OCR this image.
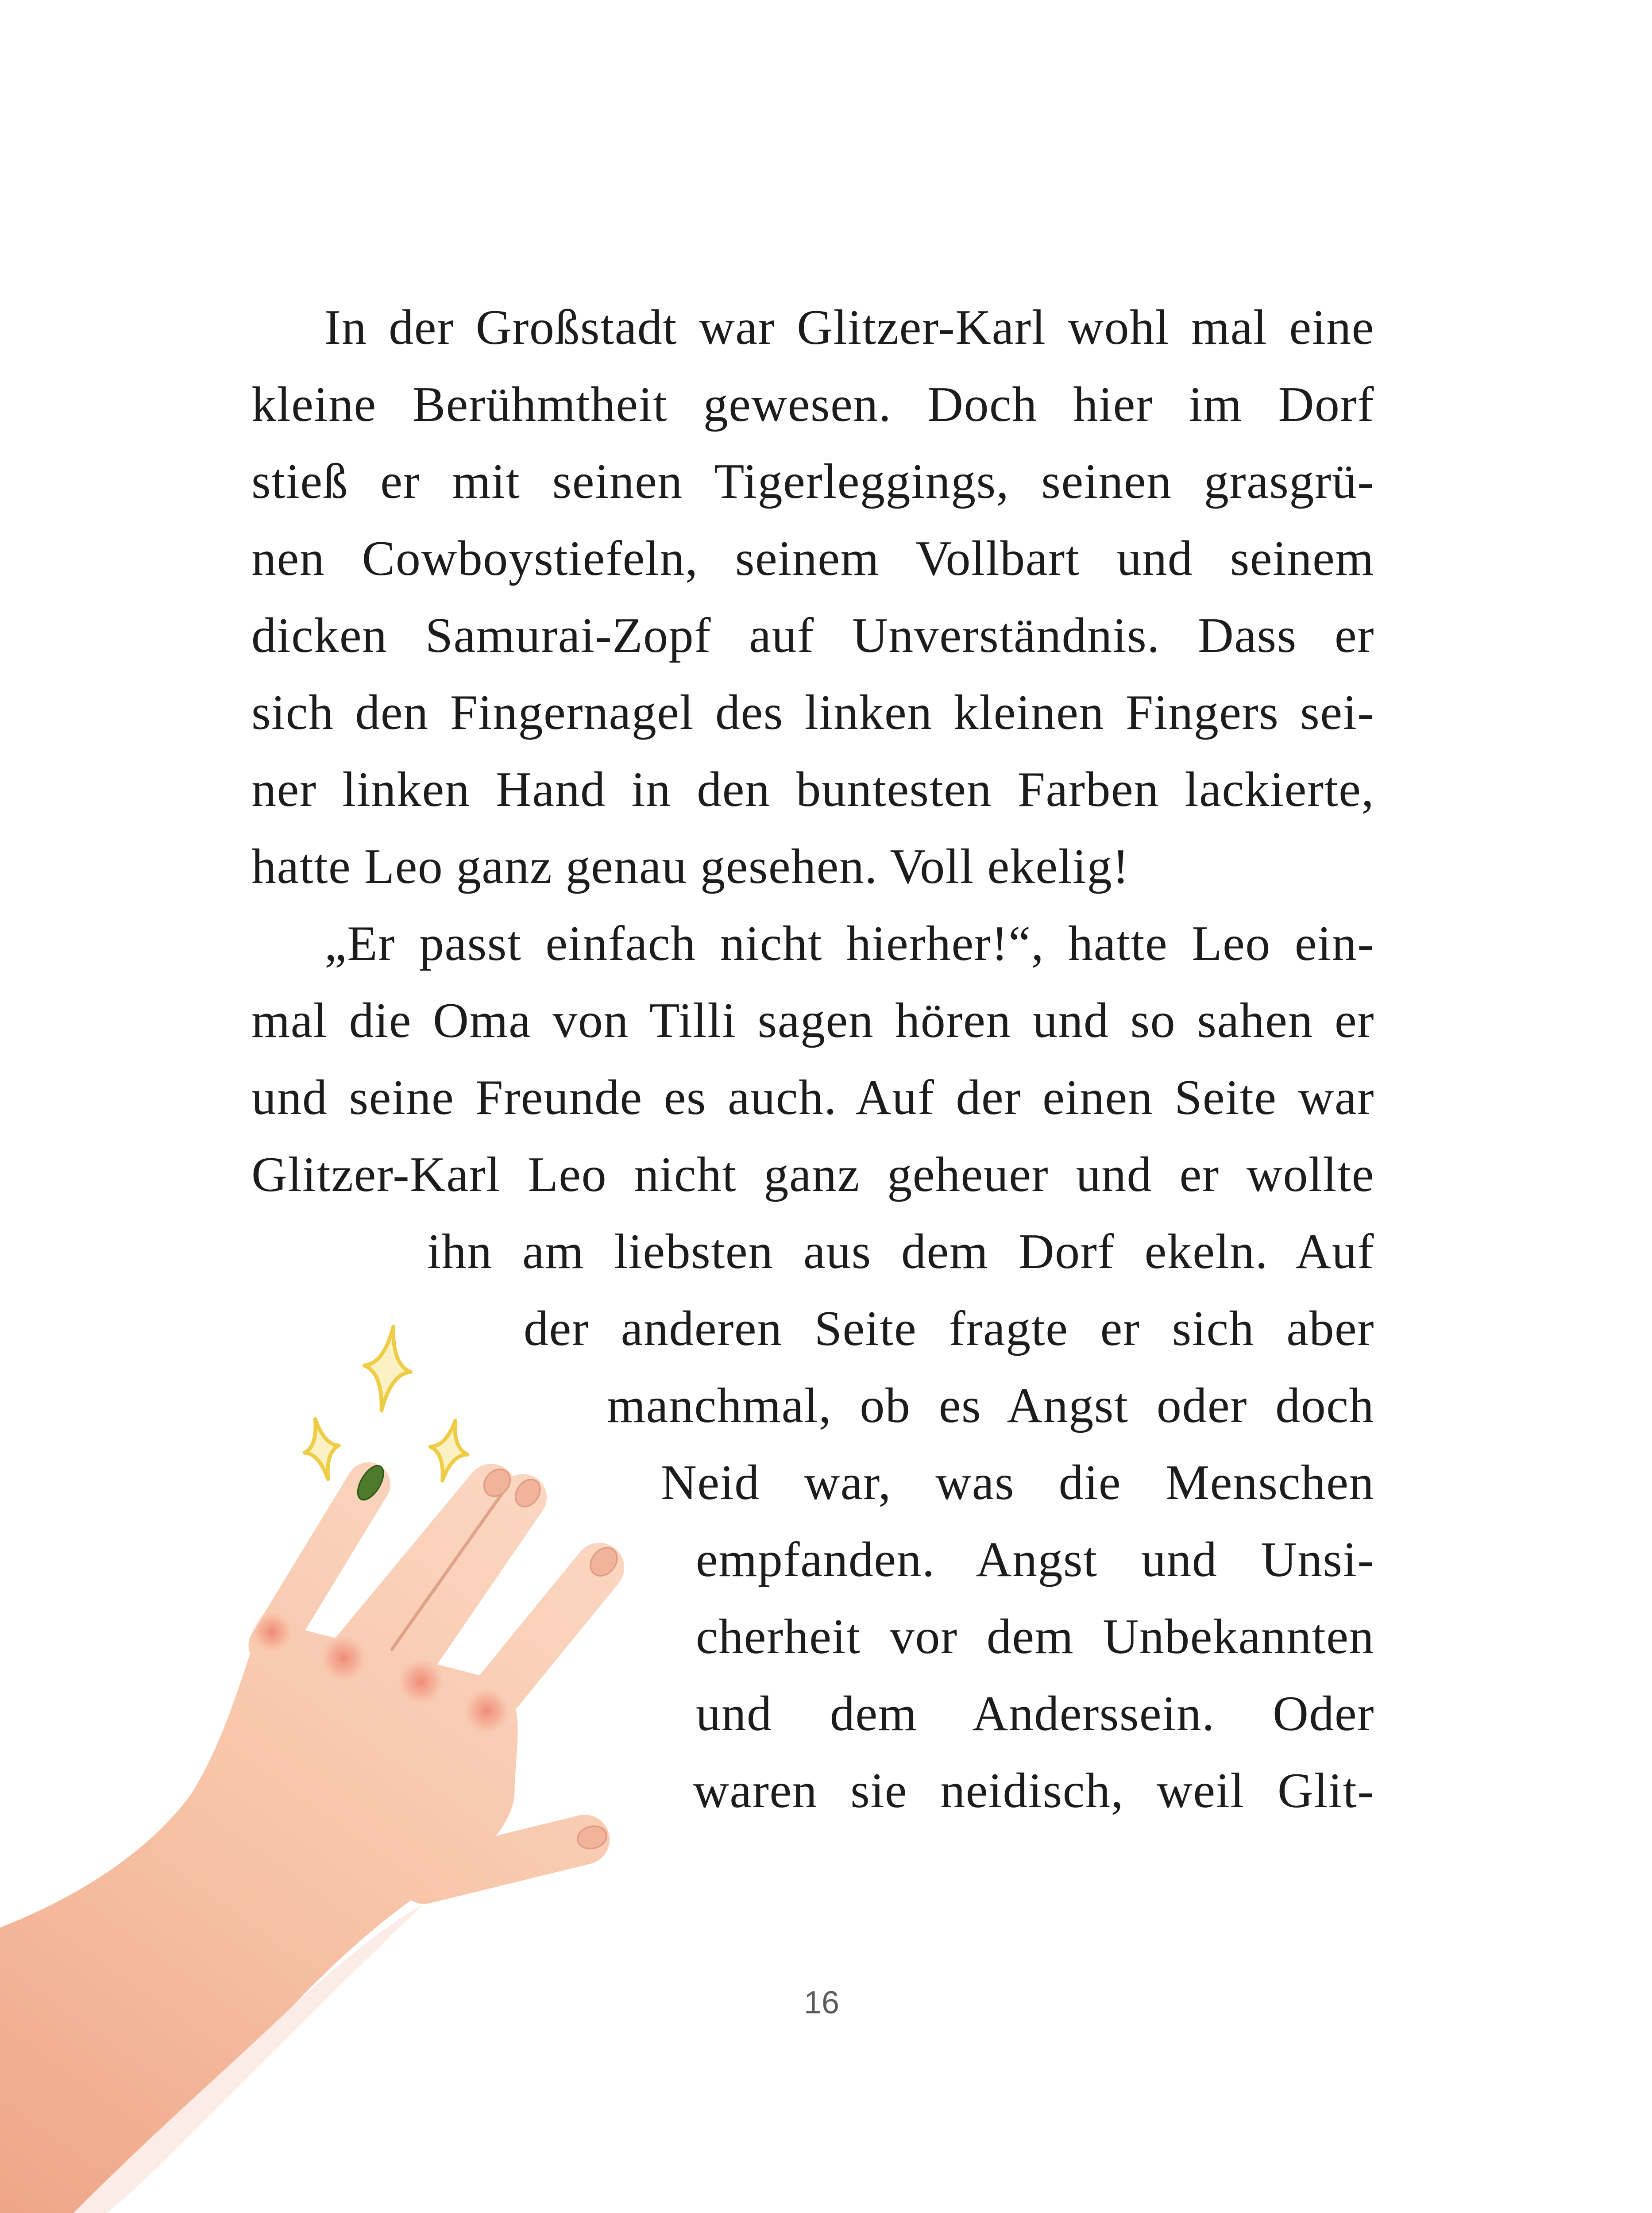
In der Großstadt war Glitzer-Karl wohl mal eine
kleine Berühmtheit gewesen. Doch hier im Dorf
stieß er mit seinen Tigerleggings, seinen grasgrü-
nen Cowboystiefeln, seinem Vollbart und seinem
dicken Samurai-Zopf auf Unverständnis. Dass er
sich den Fingernagel des linken kleinen Fingers sei-
ner linken Hand in den buntesten Farben lackierte,
hatte Leo ganz genau gesehen. Voll ekelig!
„Er passt einfach nicht hierher!“, hatte Leo ein-
mal die Oma von Tilli sagen hören und so sahen er
und seine Freunde es auch. Auf der einen Seite war
Glitzer-Karl Leo nicht ganz geheuer und er wollte
ihn am liebsten aus dem Dorf ekeln. Auf
der anderen Seite fragte er sich aber
manchmal, ob es Angst oder doch
Neid war, was die Menschen
empfanden. Angst und Unsi-
cherheit vor dem Unbekannten
und dem Anderssein. Oder
waren sie neidisch, weil Glit-
16
